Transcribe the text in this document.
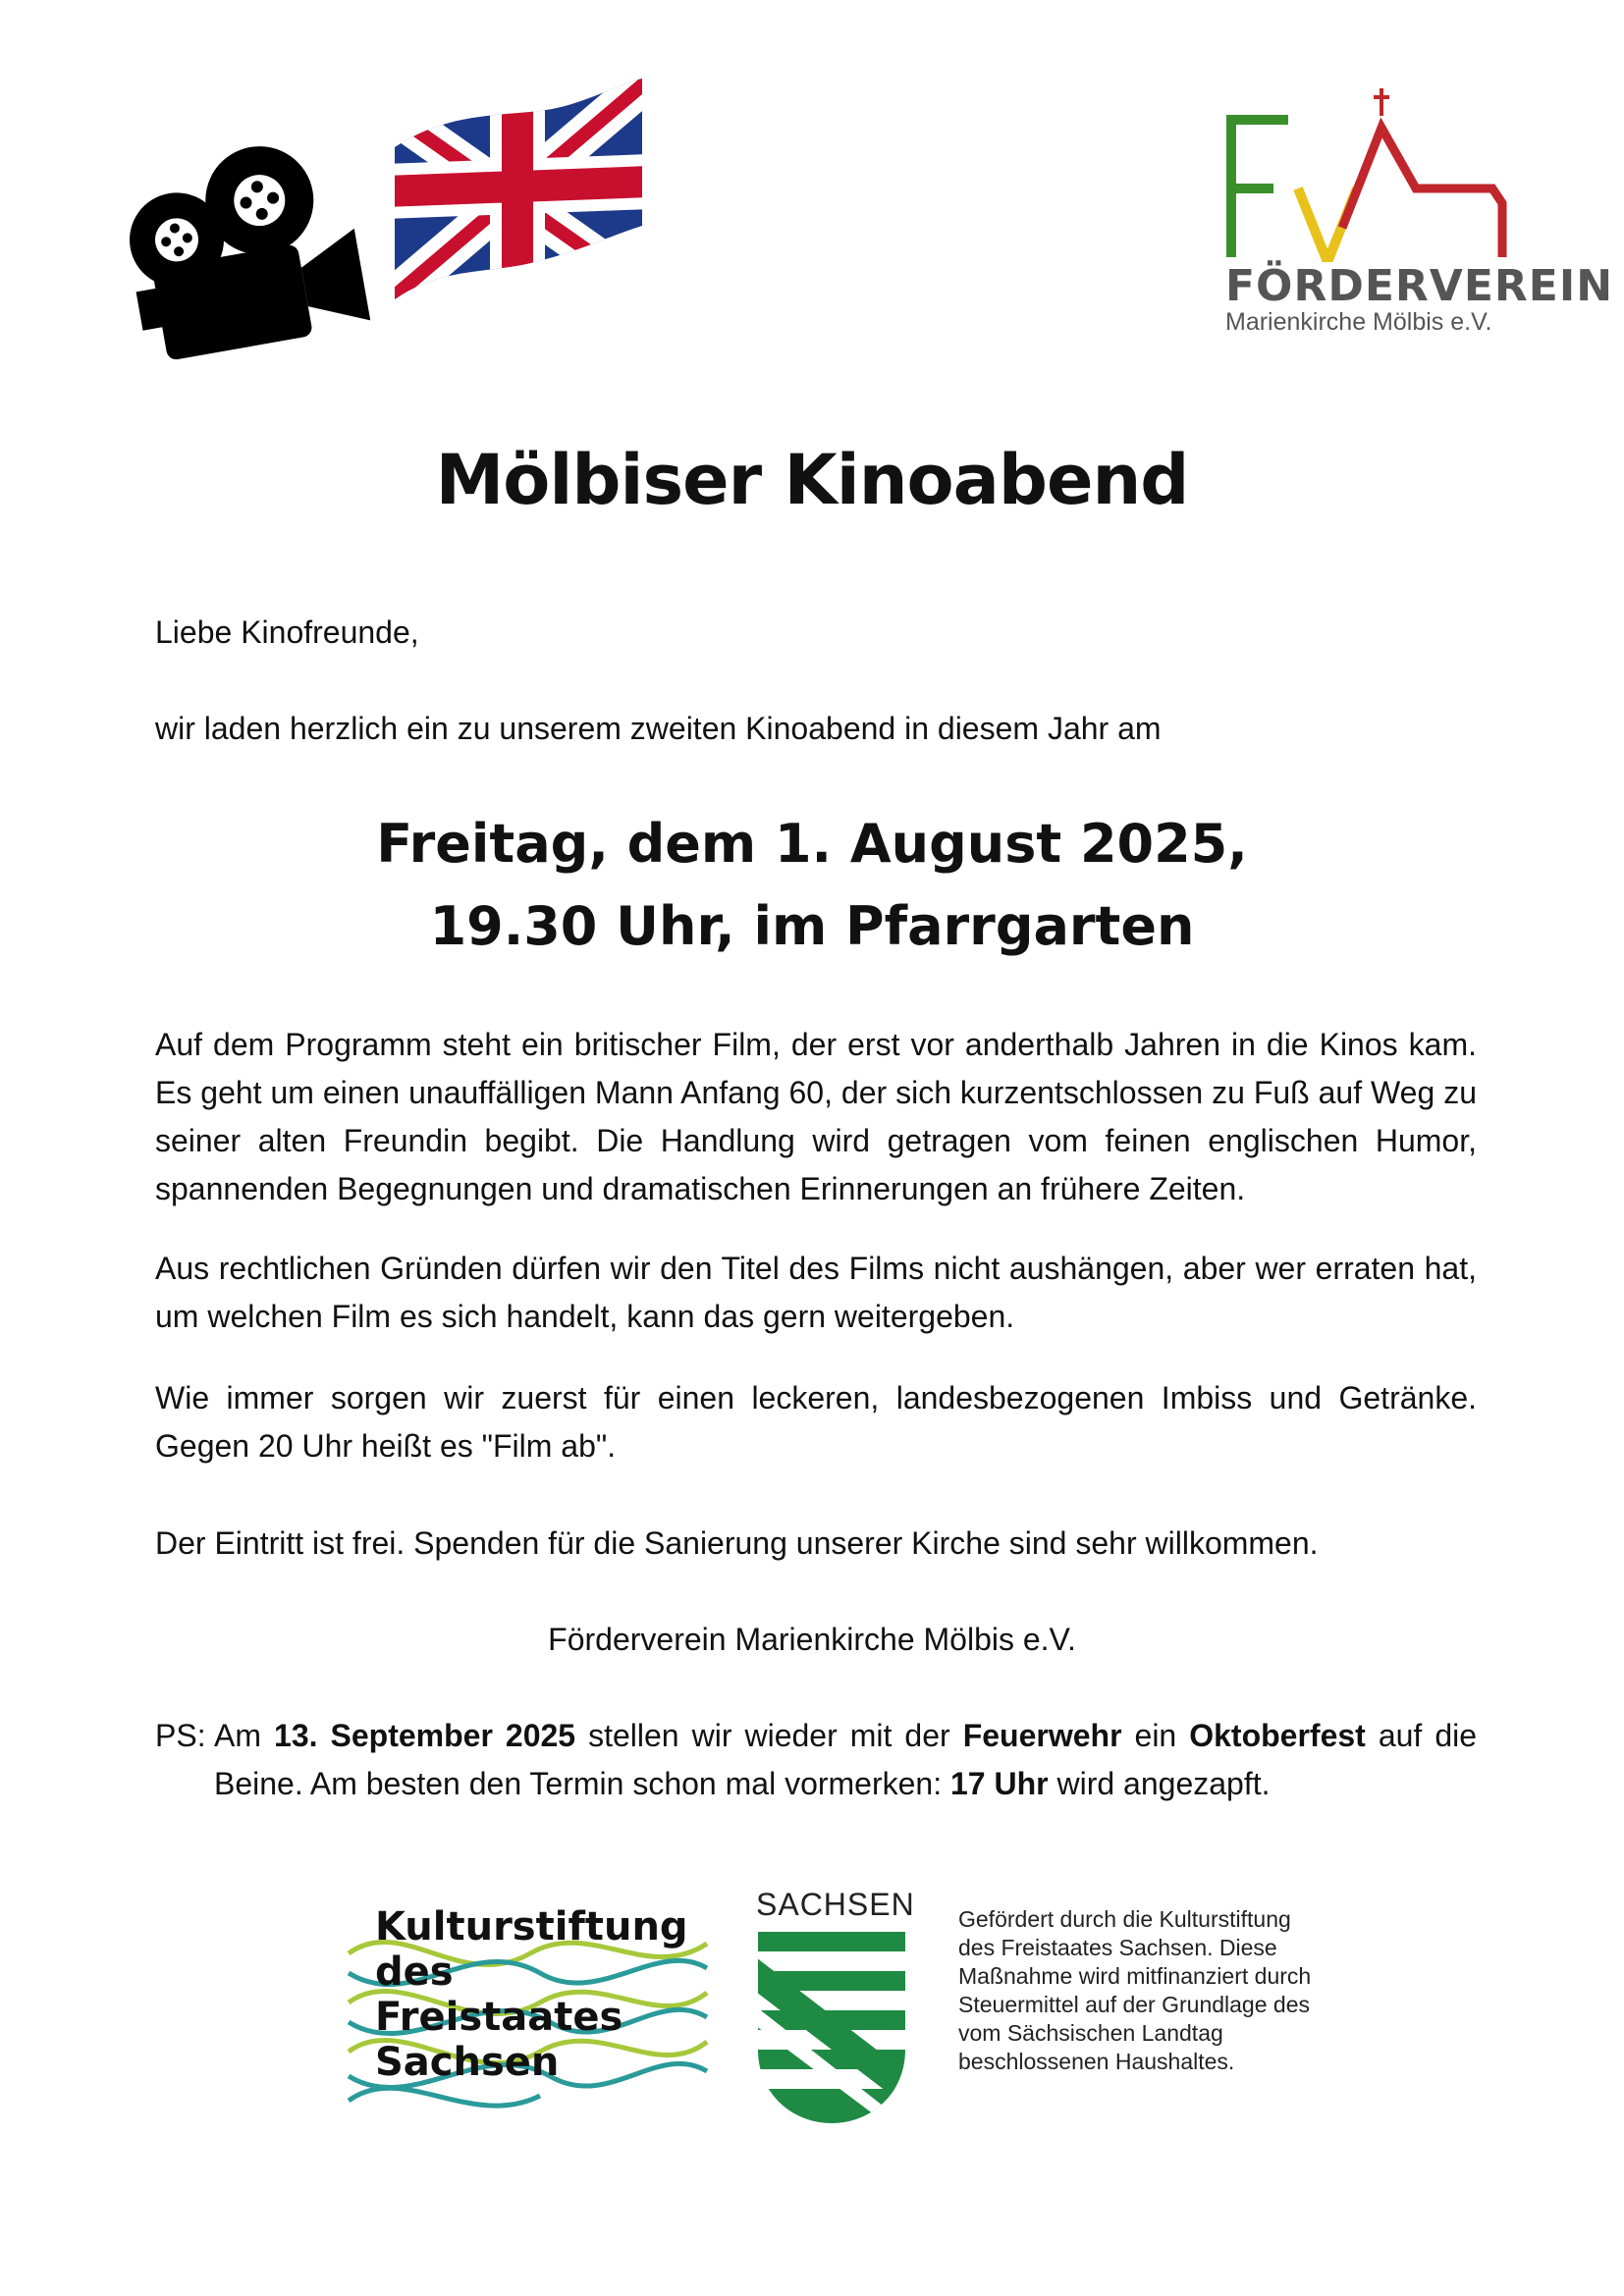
FÖRDERVEREIN
Marienkirche Mölbis e.V.
Mölbiser Kinoabend
Liebe Kinofreunde,
wir laden herzlich ein zu unserem zweiten Kinoabend in diesem Jahr am
Freitag, dem 1. August 2025,
19.30 Uhr, im Pfarrgarten
Auf dem Programm steht ein britischer Film, der erst vor anderthalb Jahren in die Kinos kam. Es geht um einen unauffälligen Mann Anfang 60, der sich kurzentschlossen zu Fuß auf Weg zu seiner alten Freundin begibt. Die Handlung wird getragen vom feinen englischen Humor, spannenden Begegnungen und dramatischen Erinnerungen an frühere Zeiten.
Aus rechtlichen Gründen dürfen wir den Titel des Films nicht aushängen, aber wer erraten hat, um welchen Film es sich handelt, kann das gern weitergeben.
Wie immer sorgen wir zuerst für einen leckeren, landesbezogenen Imbiss und Getränke. Gegen 20 Uhr heißt es "Film ab".
Der Eintritt ist frei. Spenden für die Sanierung unserer Kirche sind sehr willkommen.
Förderverein Marienkirche Mölbis e.V.
PS: Am 13. September 2025 stellen wir wieder mit der Feuerwehr ein Oktoberfest auf die Beine. Am besten den Termin schon mal vormerken: 17 Uhr wird angezapft.
Kulturstiftung
des
Freistaates
Sachsen
SACHSEN Gefördert durch die Kulturstiftung des Freistaates Sachsen. Diese Maßnahme wird mitfinanziert durch Steuermittel auf der Grundlage des vom Sächsischen Landtag beschlossenen Haushaltes.
